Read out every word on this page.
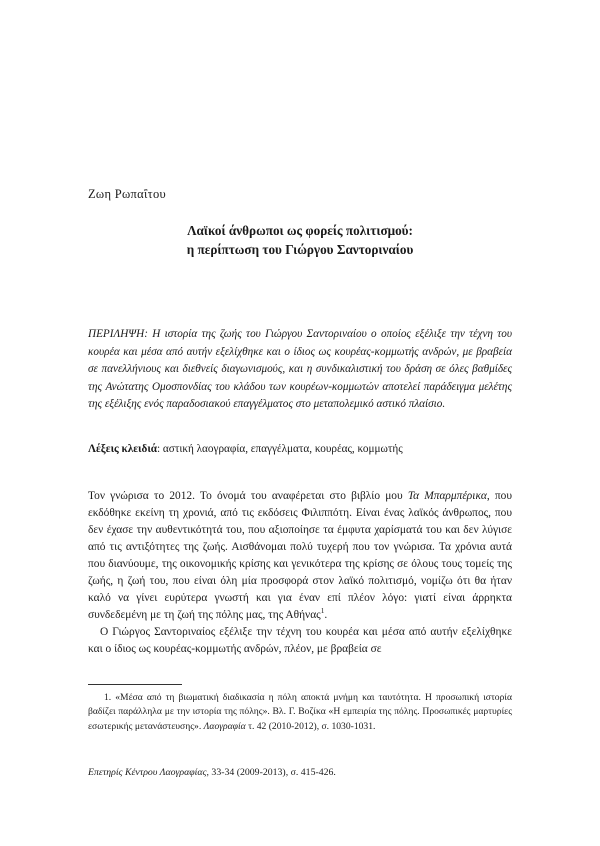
Ζωη Ρωπαΐτου
Λαϊκοί άνθρωποι ως φορείς πολιτισμού:
η περίπτωση του Γιώργου Σαντοριναίου
ΠΕΡΙΛΗΨΗ: Η ιστορία της ζωής του Γιώργου Σαντοριναίου ο οποίος εξέλιξε την τέχνη του κουρέα και μέσα από αυτήν εξελίχθηκε και ο ίδιος ως κουρέας-κομμωτής ανδρών, με βραβεία σε πανελλήνιους και διεθνείς διαγωνισμούς, και η συνδικαλιστική του δράση σε όλες βαθμίδες της Ανώτατης Ομοσπονδίας του κλάδου των κουρέων-κομμωτών αποτελεί παράδειγμα μελέτης της εξέλιξης ενός παραδοσιακού επαγγέλματος στο μεταπολεμικό αστικό πλαίσιο.
Λέξεις κλειδιά: αστική λαογραφία, επαγγέλματα, κουρέας, κομμωτής

Τον γνώρισα το 2012. Το όνομά του αναφέρεται στο βιβλίο μου Τα Μπαρμπέρικα, που εκδόθηκε εκείνη τη χρονιά, από τις εκδόσεις Φιλιππότη. Είναι ένας λαϊκός άνθρωπος, που δεν έχασε την αυθεντικότητά του, που αξιοποίησε τα έμφυτα χαρίσματά του και δεν λύγισε από τις αντιξότητες της ζωής. Αισθάνομαι πολύ τυχερή που τον γνώρισα. Τα χρόνια αυτά που διανύουμε, της οικονομικής κρίσης και γενικότερα της κρίσης σε όλους τους τομείς της ζωής, η ζωή του, που είναι όλη μία προσφορά στον λαϊκό πολιτισμό, νομίζω ότι θα ήταν καλό να γίνει ευρύτερα γνωστή και για έναν επί πλέον λόγο: γιατί είναι άρρηκτα συνδεδεμένη με τη ζωή της πόλης μας, της Αθήνας$^1$.

Ο Γιώργος Σαντοριναίος εξέλιξε την τέχνη του κουρέα και μέσα από αυτήν εξελίχθηκε και ο ίδιος ως κουρέας-κομμωτής ανδρών, πλέον, με βραβεία σε

1. «Μέσα από τη βιωματική διαδικασία η πόλη αποκτά μνήμη και ταυτότητα. Η προσωπική ιστορία βαδίζει παράλληλα με την ιστορία της πόλης». Βλ. Γ. Βοζίκα «Η εμπειρία της πόλης. Προσωπικές μαρτυρίες εσωτερικής μετανάστευσης». Λαογραφία τ. 42 (2010-2012), σ. 1030-1031.
Επετηρίς Κέντρου Λαογραφίας, 33-34 (2009-2013), σ. 415-426.
